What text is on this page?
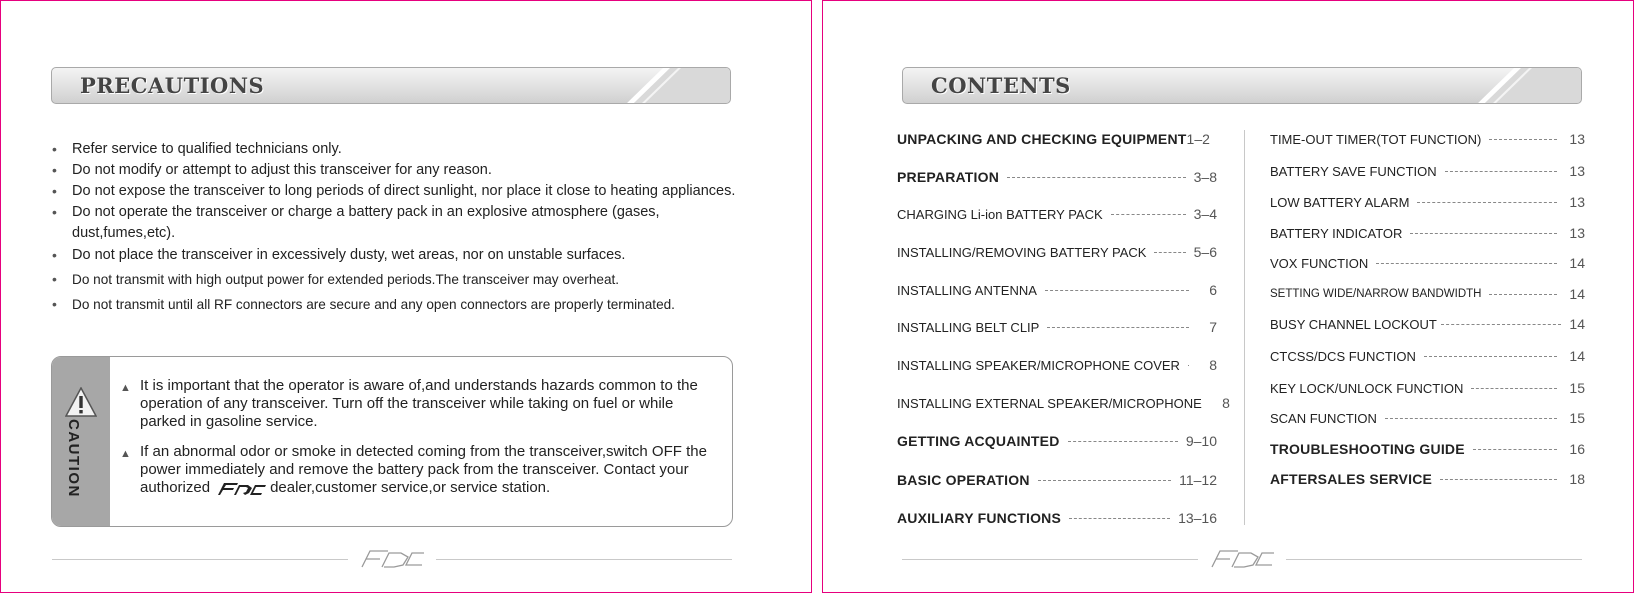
PRECAUTIONS
• Refer service to qualified technicians only.
• Do not modify or attempt to adjust this transceiver for any reason.
• Do not expose the transceiver to long periods of direct sunlight, nor place it close to heating appliances.
• Do not operate the transceiver or charge a battery pack in an explosive atmosphere (gases, dust,fumes,etc).
• Do not place the transceiver in excessively dusty, wet areas, nor on unstable surfaces.
• Do not transmit with high output power for extended periods.The transceiver may overheat.
• Do not transmit until all RF connectors are secure and any open connectors are properly terminated.
CAUTION
▲ It is important that the operator is aware of,and understands hazards common to the operation of any transceiver. Turn off the transceiver while taking on fuel or while parked in gasoline service.
▲ If an abnormal odor or smoke in detected coming from the transceiver,switch OFF the power immediately and remove the battery pack from the transceiver. Contact your authorized	FDC	dealer,customer service,or service station.
CONTENTS
UNPACKING AND CHECKING EQUIPMENT 1–2
PREPARATION	3–8
CHARGING Li-ion BATTERY PACK	3–4
INSTALLING/REMOVING BATTERY PACK	5–6
INSTALLING ANTENNA	6
INSTALLING BELT CLIP	7
INSTALLING SPEAKER/MICROPHONE COVER	8
INSTALLING EXTERNAL SPEAKER/MICROPHONE	8
GETTING ACQUAINTED	9–10
BASIC OPERATION	11–12
AUXILIARY FUNCTIONS	13–16
TIME-OUT TIMER(TOT FUNCTION)	13
BATTERY SAVE FUNCTION	13
LOW BATTERY ALARM	13
BATTERY INDICATOR	13
VOX FUNCTION	14
SETTING WIDE/NARROW BANDWIDTH	14
BUSY CHANNEL LOCKOUT	14
CTCSS/DCS FUNCTION	14
KEY LOCK/UNLOCK FUNCTION	15
SCAN FUNCTION	15
TROUBLESHOOTING GUIDE	16
AFTERSALES SERVICE	18
